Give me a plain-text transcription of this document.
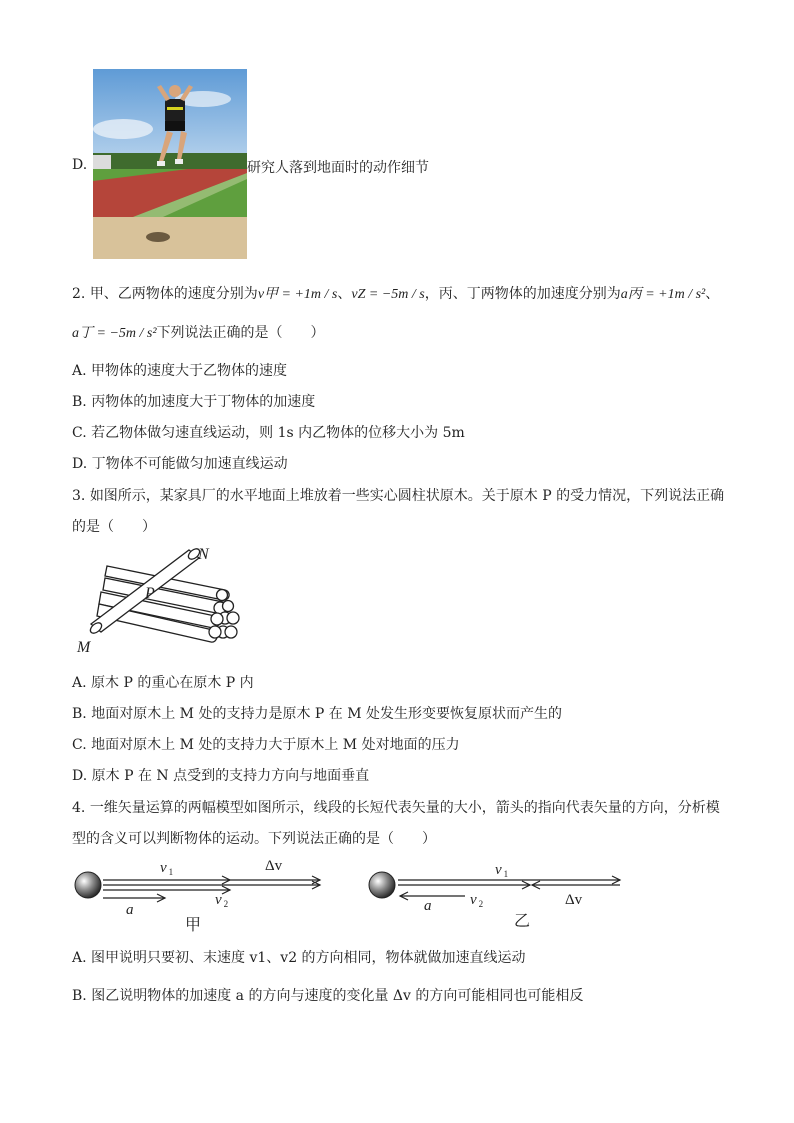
D.	研究人落到地面时的动作细节
2. 甲、乙两物体的速度分别为v甲 = +1m / s、vZ = −5m / s，丙、丁两物体的加速度分别为a丙 = +1m / s²、
a丁 = −5m / s²下列说法正确的是（　　）
A. 甲物体的速度大于乙物体的速度
B. 丙物体的加速度大于丁物体的加速度
C. 若乙物体做匀速直线运动，则 1s 内乙物体的位移大小为 5m
D. 丁物体不可能做匀加速直线运动
3. 如图所示，某家具厂的水平地面上堆放着一些实心圆柱状原木。关于原木 P 的受力情况，下列说法正确
的是（　　）
N
P
M
A. 原木 P 的重心在原木 P 内
B. 地面对原木上 M 处的支持力是原木 P 在 M 处发生形变要恢复原状而产生的
C. 地面对原木上 M 处的支持力大于原木上 M 处对地面的压力
D. 原木 P 在 N 点受到的支持力方向与地面垂直
4. 一维矢量运算的两幅模型如图所示，线段的长短代表矢量的大小，箭头的指向代表矢量的方向，分析模
型的含义可以判断物体的运动。下列说法正确的是（　　）
v $_1$	Δv
v $_2$
a
甲
v $_1$
v $_2$
a	Δv
乙
A. 图甲说明只要初、末速度 v1、v2 的方向相同，物体就做加速直线运动
B. 图乙说明物体的加速度 a 的方向与速度的变化量 Δv 的方向可能相同也可能相反
